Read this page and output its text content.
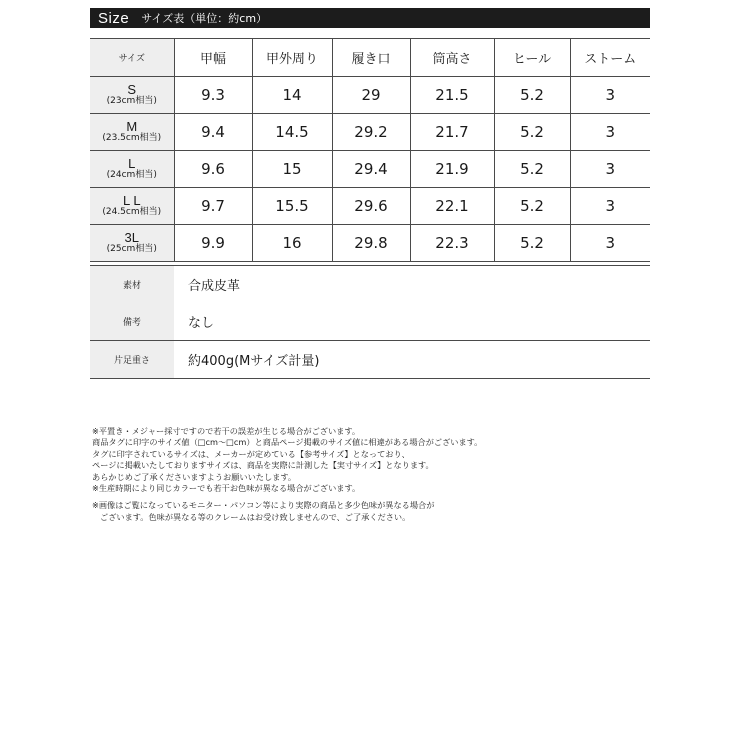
Size サイズ表（単位：約cm）
サイズ	甲幅	甲外周り	履き口	筒高さ	ヒール	ストーム

S
(23cm相当)	9.3	14	29	21.5	5.2	3

M
(23.5cm相当)	9.4	14.5	29.2	21.7	5.2	3

L
(24cm相当)	9.6	15	29.4	21.9	5.2	3

L L
(24.5cm相当)	9.7	15.5	29.6	22.1	5.2	3

3L
(25cm相当)	9.9	16	29.8	22.3	5.2	3
素材	合成皮革
備考	なし
片足重さ	約400g(Mサイズ計量)

※平置き・メジャー採寸ですので若干の誤差が生じる場合がございます。

商品タグに印字のサイズ値（□cm～□cm）と商品ページ掲載のサイズ値に相違がある場合がございます。

タグに印字されているサイズは、メーカーが定めている【参考サイズ】となっており、

ページに掲載いたしておりますサイズは、商品を実際に計測した【実寸サイズ】となります。

あらかじめご了承くださいますようお願いいたします。

※生産時期により同じカラーでも若干お色味が異なる場合がございます。

※画像はご覧になっているモニター・パソコン等により実際の商品と多少色味が異なる場合が

ございます。色味が異なる等のクレームはお受け致しませんので、ご了承ください。
